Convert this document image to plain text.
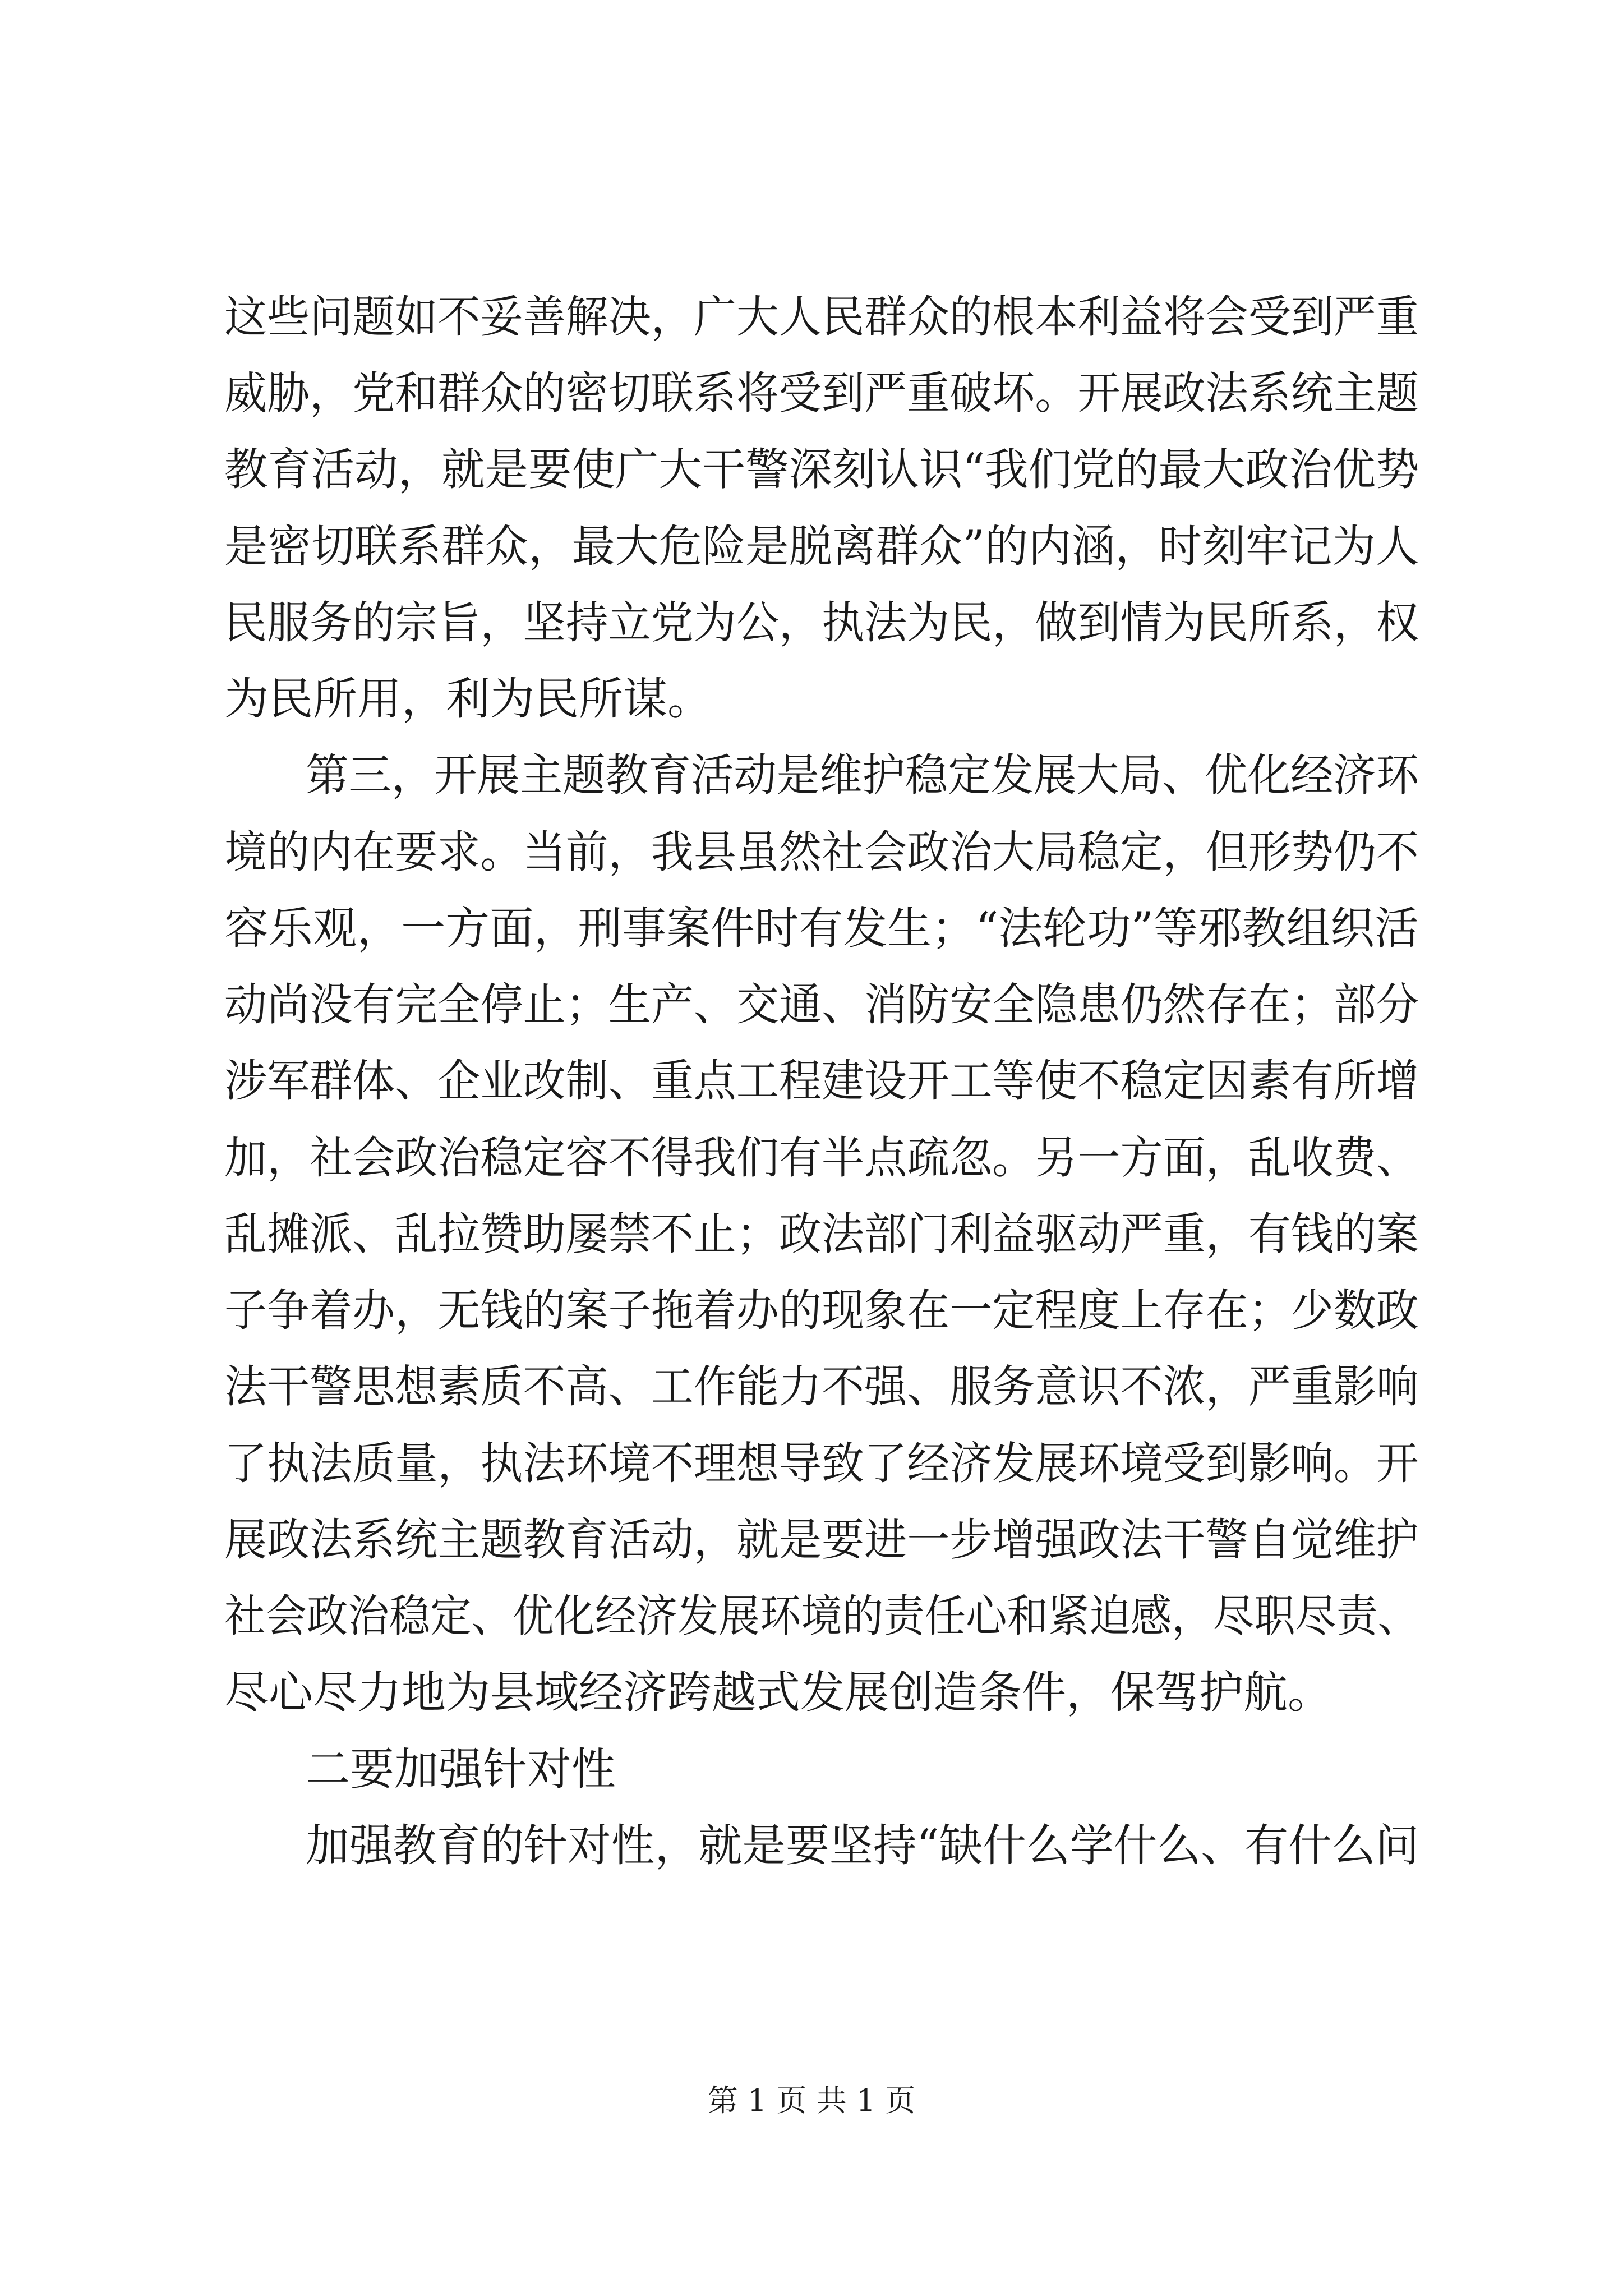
这些问题如不妥善解决，广大人民群众的根本利益将会受到严重
威胁，党和群众的密切联系将受到严重破坏。开展政法系统主题
教育活动，就是要使广大干警深刻认识“我们党的最大政治优势
是密切联系群众，最大危险是脱离群众”的内涵，时刻牢记为人
民服务的宗旨，坚持立党为公，执法为民，做到情为民所系，权
为民所用，利为民所谋。
第三，开展主题教育活动是维护稳定发展大局、优化经济环
境的内在要求。当前，我县虽然社会政治大局稳定，但形势仍不
容乐观，一方面，刑事案件时有发生；“法轮功”等邪教组织活
动尚没有完全停止；生产、交通、消防安全隐患仍然存在；部分
涉军群体、企业改制、重点工程建设开工等使不稳定因素有所增
加，社会政治稳定容不得我们有半点疏忽。另一方面，乱收费、
乱摊派、乱拉赞助屡禁不止；政法部门利益驱动严重，有钱的案
子争着办，无钱的案子拖着办的现象在一定程度上存在；少数政
法干警思想素质不高、工作能力不强、服务意识不浓，严重影响
了执法质量，执法环境不理想导致了经济发展环境受到影响。开
展政法系统主题教育活动，就是要进一步增强政法干警自觉维护
社会政治稳定、优化经济发展环境的责任心和紧迫感，尽职尽责、
尽心尽力地为县域经济跨越式发展创造条件，保驾护航。
二要加强针对性
加强教育的针对性，就是要坚持“缺什么学什么、有什么问
第 1 页 共 1 页
